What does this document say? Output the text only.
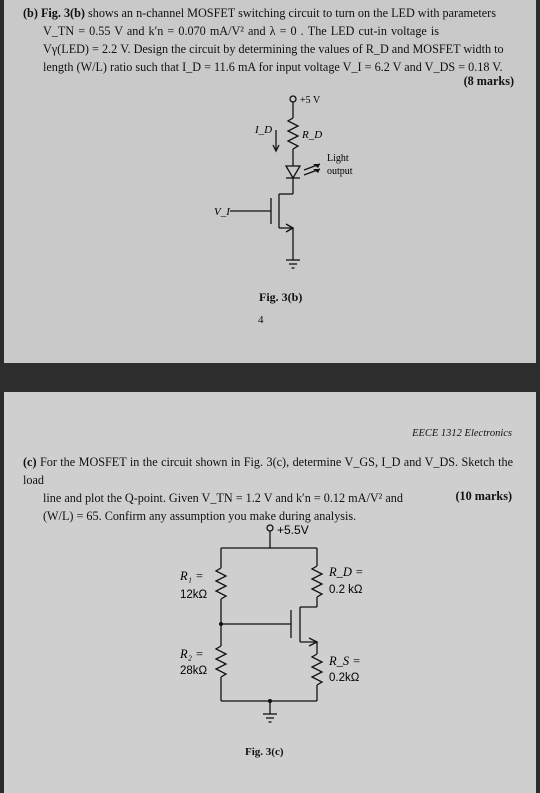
(b) Fig. 3(b) shows an n-channel MOSFET switching circuit to turn on the LED with parameters
V_TN = 0.55 V and k′n = 0.070 mA/V² and λ = 0 . The LED cut-in voltage is
Vγ(LED) = 2.2 V. Design the circuit by determining the values of R_D and MOSFET width to
length (W/L) ratio such that I_D = 11.6 mA for input voltage V_I = 6.2 V and V_DS = 0.18 V.
(8 marks)
+5 V
I_D	R_D
Light
output
V_I
Fig. 3(b)
4
EECE 1312 Electronics
(c) For the MOSFET in the circuit shown in Fig. 3(c), determine V_GS, I_D and V_DS. Sketch the load
line and plot the Q-point. Given V_TN = 1.2 V and k′n = 0.12 mA/V² and
(W/L) = 65. Confirm any assumption you make during analysis.
(10 marks)
+5.5V
R₁ =
12kΩ
R₂ =
28kΩ
R_D =
0.2 kΩ
R_S =
0.2kΩ
Fig. 3(c)
